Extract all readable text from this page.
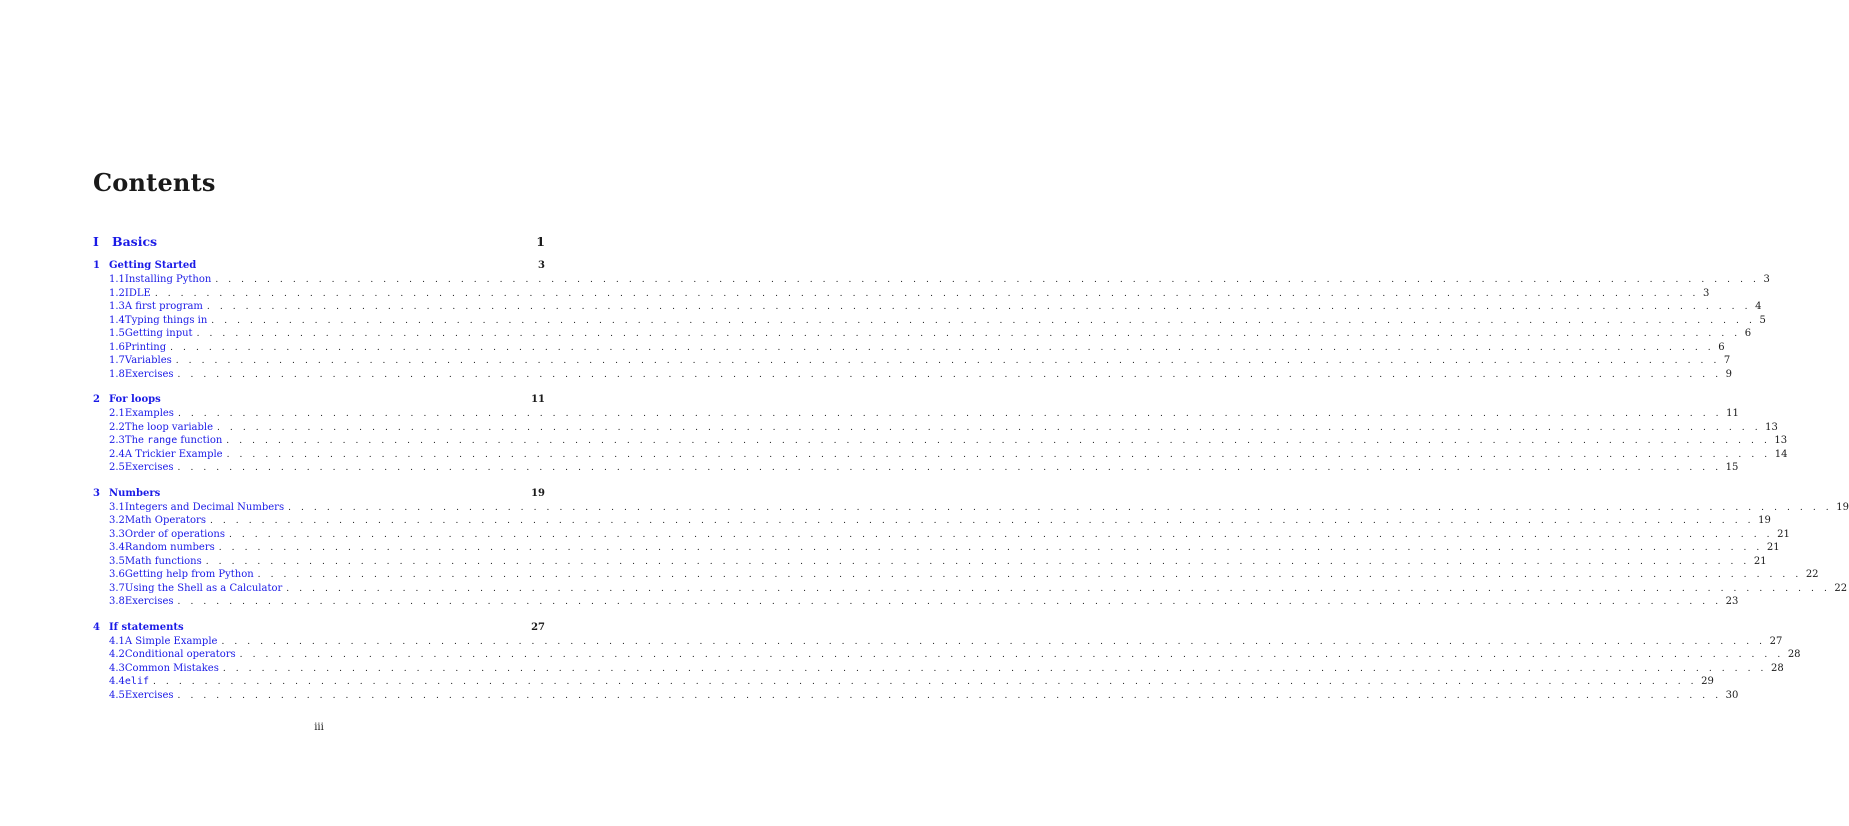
Contents
I	Basics	1
1 Getting Started	3
1.1 Installing Python . . . . . . . . . . . . . . . . . . . . . . . . . . . . . . . . . . . . . . . . . . . . . . . . . . . . . . . . . . . . . . . . . . . . . . . . . . . . . . . . . . . . . . . . . . . . . . . . . . . . . . . . . . . . . . . . . . . . . . . . 3
1.2 IDLE . . . . . . . . . . . . . . . . . . . . . . . . . . . . . . . . . . . . . . . . . . . . . . . . . . . . . . . . . . . . . . . . . . . . . . . . . . . . . . . . . . . . . . . . . . . . . . . . . . . . . . . . . . . . . . . . . . . . . . . . 3
1.3 A first program . . . . . . . . . . . . . . . . . . . . . . . . . . . . . . . . . . . . . . . . . . . . . . . . . . . . . . . . . . . . . . . . . . . . . . . . . . . . . . . . . . . . . . . . . . . . . . . . . . . . . . . . . . . . . . . . . . . . . . . . 4
1.4 Typing things in . . . . . . . . . . . . . . . . . . . . . . . . . . . . . . . . . . . . . . . . . . . . . . . . . . . . . . . . . . . . . . . . . . . . . . . . . . . . . . . . . . . . . . . . . . . . . . . . . . . . . . . . . . . . . . . . . . . . . . . . 5
1.5 Getting input . . . . . . . . . . . . . . . . . . . . . . . . . . . . . . . . . . . . . . . . . . . . . . . . . . . . . . . . . . . . . . . . . . . . . . . . . . . . . . . . . . . . . . . . . . . . . . . . . . . . . . . . . . . . . . . . . . . . . . . . 6
1.6 Printing . . . . . . . . . . . . . . . . . . . . . . . . . . . . . . . . . . . . . . . . . . . . . . . . . . . . . . . . . . . . . . . . . . . . . . . . . . . . . . . . . . . . . . . . . . . . . . . . . . . . . . . . . . . . . . . . . . . . . . . . 6
1.7 Variables . . . . . . . . . . . . . . . . . . . . . . . . . . . . . . . . . . . . . . . . . . . . . . . . . . . . . . . . . . . . . . . . . . . . . . . . . . . . . . . . . . . . . . . . . . . . . . . . . . . . . . . . . . . . . . . . . . . . . . . . 7
1.8 Exercises . . . . . . . . . . . . . . . . . . . . . . . . . . . . . . . . . . . . . . . . . . . . . . . . . . . . . . . . . . . . . . . . . . . . . . . . . . . . . . . . . . . . . . . . . . . . . . . . . . . . . . . . . . . . . . . . . . . . . . . . 9
2 For loops	11
2.1 Examples . . . . . . . . . . . . . . . . . . . . . . . . . . . . . . . . . . . . . . . . . . . . . . . . . . . . . . . . . . . . . . . . . . . . . . . . . . . . . . . . . . . . . . . . . . . . . . . . . . . . . . . . . . . . . . . . . . . . . . . . 11
2.2 The loop variable . . . . . . . . . . . . . . . . . . . . . . . . . . . . . . . . . . . . . . . . . . . . . . . . . . . . . . . . . . . . . . . . . . . . . . . . . . . . . . . . . . . . . . . . . . . . . . . . . . . . . . . . . . . . . . . . . . . . . . . . 13
2.3 The range function . . . . . . . . . . . . . . . . . . . . . . . . . . . . . . . . . . . . . . . . . . . . . . . . . . . . . . . . . . . . . . . . . . . . . . . . . . . . . . . . . . . . . . . . . . . . . . . . . . . . . . . . . . . . . . . . . . . . . . . . 13
2.4 A Trickier Example . . . . . . . . . . . . . . . . . . . . . . . . . . . . . . . . . . . . . . . . . . . . . . . . . . . . . . . . . . . . . . . . . . . . . . . . . . . . . . . . . . . . . . . . . . . . . . . . . . . . . . . . . . . . . . . . . . . . . . . . 14
2.5 Exercises . . . . . . . . . . . . . . . . . . . . . . . . . . . . . . . . . . . . . . . . . . . . . . . . . . . . . . . . . . . . . . . . . . . . . . . . . . . . . . . . . . . . . . . . . . . . . . . . . . . . . . . . . . . . . . . . . . . . . . . . 15
3 Numbers	19
3.1 Integers and Decimal Numbers . . . . . . . . . . . . . . . . . . . . . . . . . . . . . . . . . . . . . . . . . . . . . . . . . . . . . . . . . . . . . . . . . . . . . . . . . . . . . . . . . . . . . . . . . . . . . . . . . . . . . . . . . . . . . . . . . . . . . . . . 19
3.2 Math Operators . . . . . . . . . . . . . . . . . . . . . . . . . . . . . . . . . . . . . . . . . . . . . . . . . . . . . . . . . . . . . . . . . . . . . . . . . . . . . . . . . . . . . . . . . . . . . . . . . . . . . . . . . . . . . . . . . . . . . . . . 19
3.3 Order of operations . . . . . . . . . . . . . . . . . . . . . . . . . . . . . . . . . . . . . . . . . . . . . . . . . . . . . . . . . . . . . . . . . . . . . . . . . . . . . . . . . . . . . . . . . . . . . . . . . . . . . . . . . . . . . . . . . . . . . . . . 21
3.4 Random numbers . . . . . . . . . . . . . . . . . . . . . . . . . . . . . . . . . . . . . . . . . . . . . . . . . . . . . . . . . . . . . . . . . . . . . . . . . . . . . . . . . . . . . . . . . . . . . . . . . . . . . . . . . . . . . . . . . . . . . . . . 21
3.5 Math functions . . . . . . . . . . . . . . . . . . . . . . . . . . . . . . . . . . . . . . . . . . . . . . . . . . . . . . . . . . . . . . . . . . . . . . . . . . . . . . . . . . . . . . . . . . . . . . . . . . . . . . . . . . . . . . . . . . . . . . . . 21
3.6 Getting help from Python . . . . . . . . . . . . . . . . . . . . . . . . . . . . . . . . . . . . . . . . . . . . . . . . . . . . . . . . . . . . . . . . . . . . . . . . . . . . . . . . . . . . . . . . . . . . . . . . . . . . . . . . . . . . . . . . . . . . . . . . 22
3.7 Using the Shell as a Calculator . . . . . . . . . . . . . . . . . . . . . . . . . . . . . . . . . . . . . . . . . . . . . . . . . . . . . . . . . . . . . . . . . . . . . . . . . . . . . . . . . . . . . . . . . . . . . . . . . . . . . . . . . . . . . . . . . . . . . . . . 22
3.8 Exercises . . . . . . . . . . . . . . . . . . . . . . . . . . . . . . . . . . . . . . . . . . . . . . . . . . . . . . . . . . . . . . . . . . . . . . . . . . . . . . . . . . . . . . . . . . . . . . . . . . . . . . . . . . . . . . . . . . . . . . . . 23
4 If statements	27
4.1 A Simple Example . . . . . . . . . . . . . . . . . . . . . . . . . . . . . . . . . . . . . . . . . . . . . . . . . . . . . . . . . . . . . . . . . . . . . . . . . . . . . . . . . . . . . . . . . . . . . . . . . . . . . . . . . . . . . . . . . . . . . . . . 27
4.2 Conditional operators . . . . . . . . . . . . . . . . . . . . . . . . . . . . . . . . . . . . . . . . . . . . . . . . . . . . . . . . . . . . . . . . . . . . . . . . . . . . . . . . . . . . . . . . . . . . . . . . . . . . . . . . . . . . . . . . . . . . . . . . 28
4.3 Common Mistakes . . . . . . . . . . . . . . . . . . . . . . . . . . . . . . . . . . . . . . . . . . . . . . . . . . . . . . . . . . . . . . . . . . . . . . . . . . . . . . . . . . . . . . . . . . . . . . . . . . . . . . . . . . . . . . . . . . . . . . . . 28
4.4 elif . . . . . . . . . . . . . . . . . . . . . . . . . . . . . . . . . . . . . . . . . . . . . . . . . . . . . . . . . . . . . . . . . . . . . . . . . . . . . . . . . . . . . . . . . . . . . . . . . . . . . . . . . . . . . . . . . . . . . . . . 29
4.5 Exercises . . . . . . . . . . . . . . . . . . . . . . . . . . . . . . . . . . . . . . . . . . . . . . . . . . . . . . . . . . . . . . . . . . . . . . . . . . . . . . . . . . . . . . . . . . . . . . . . . . . . . . . . . . . . . . . . . . . . . . . . 30
iii
